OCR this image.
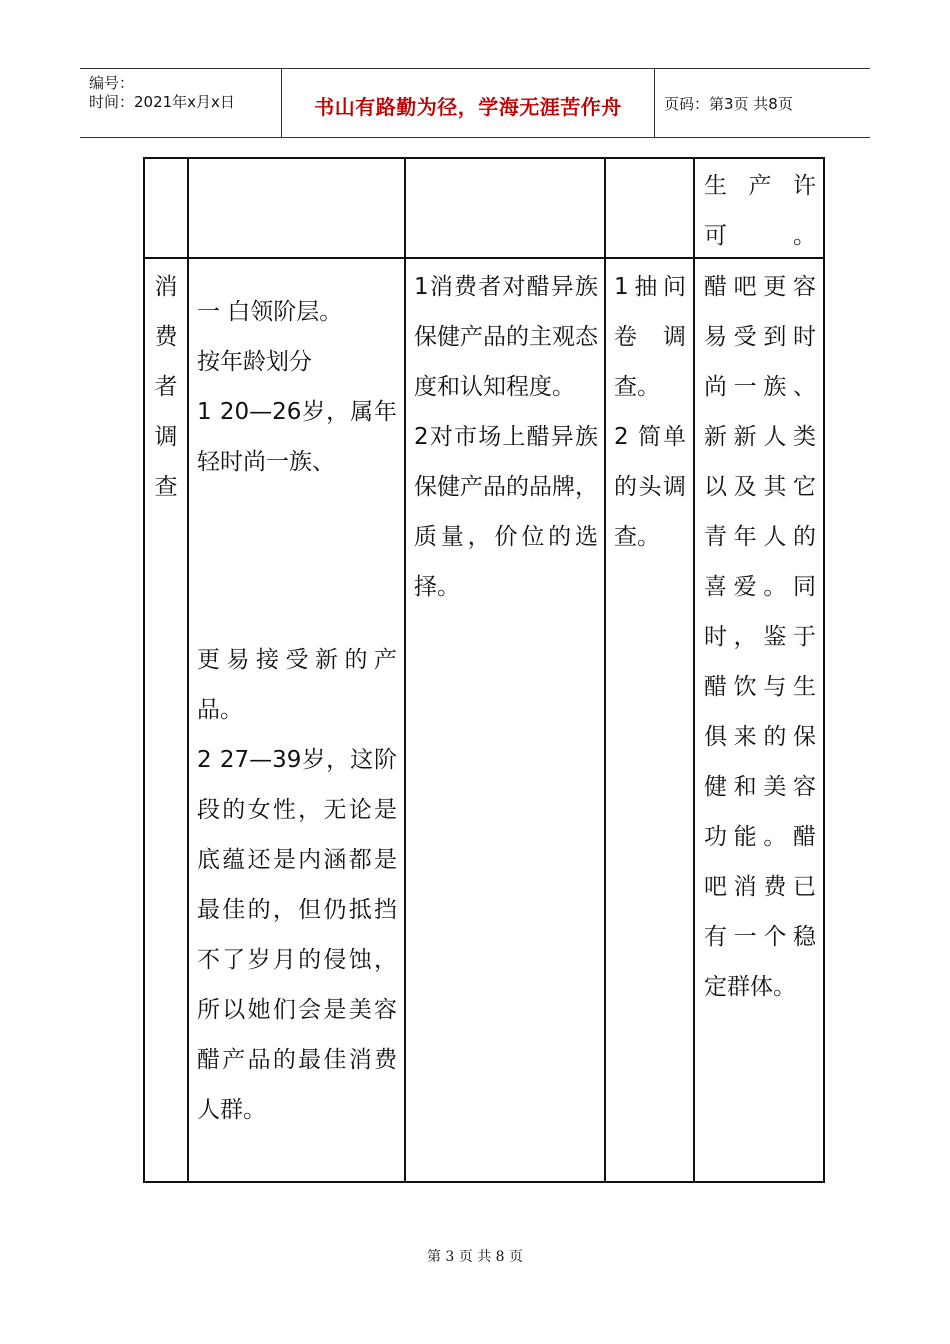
编号：
时间：2021年x月x日	书山有路勤为径，学海无涯苦作舟	页码：第3页 共8页
生产许可。
消费者调查
一 白领阶层。
按年龄划分
1 20—26岁，属年轻时尚一族、
更易接受新的产品。
2 27—39岁，这阶段的女性，无论是底蕴还是内涵都是最佳的，但仍抵挡不了岁月的侵蚀，所以她们会是美容醋产品的最佳消费人群。
1消费者对醋异族保健产品的主观态度和认知程度。
2对市场上醋异族保健产品的品牌，质量，价位的选择。
1抽问卷调查。
2 简单的头调查。
醋吧更容易受到时尚一族、新新人类以及其它青年人的喜爱。同时，鉴于醋饮与生俱来的保健和美容功能。醋吧消费已有一个稳定群体。
第 3 页 共 8 页
